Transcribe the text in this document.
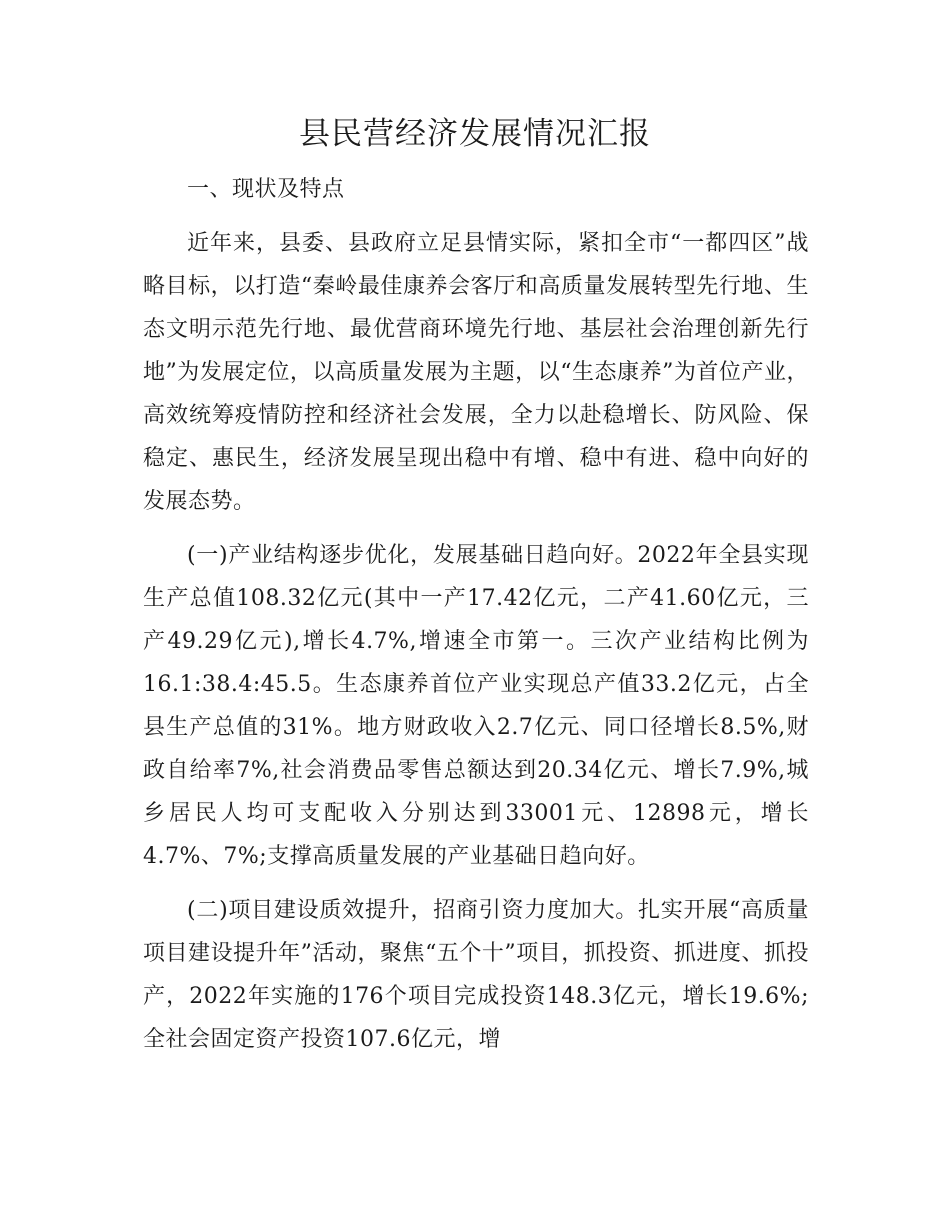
县民营经济发展情况汇报

一、现状及特点

近年来，县委、县政府立足县情实际，紧扣全市“一都四区”战略目标，以打造“秦岭最佳康养会客厅和高质量发展转型先行地、生态文明示范先行地、最优营商环境先行地、基层社会治理创新先行地”为发展定位，以高质量发展为主题，以“生态康养”为首位产业，高效统筹疫情防控和经济社会发展，全力以赴稳增长、防风险、保稳定、惠民生，经济发展呈现出稳中有增、稳中有进、稳中向好的发展态势。

(一)产业结构逐步优化，发展基础日趋向好。2022年全县实现生产总值108.32亿元(其中一产17.42亿元，二产41.60亿元，三产49.29亿元),增长4.7%,增速全市第一。三次产业结构比例为16.1:38.4:45.5。生态康养首位产业实现总产值33.2亿元，占全县生产总值的31%。地方财政收入2.7亿元、同口径增长8.5%,财政自给率7%,社会消费品零售总额达到20.34亿元、增长7.9%,城乡居民人均可支配收入分别达到33001元、12898元，增长4.7%、7%;支撑高质量发展的产业基础日趋向好。

(二)项目建设质效提升，招商引资力度加大。扎实开展“高质量项目建设提升年”活动，聚焦“五个十”项目，抓投资、抓进度、抓投产，2022年实施的176个项目完成投资148.3亿元，增长19.6%;全社会固定资产投资107.6亿元，增
